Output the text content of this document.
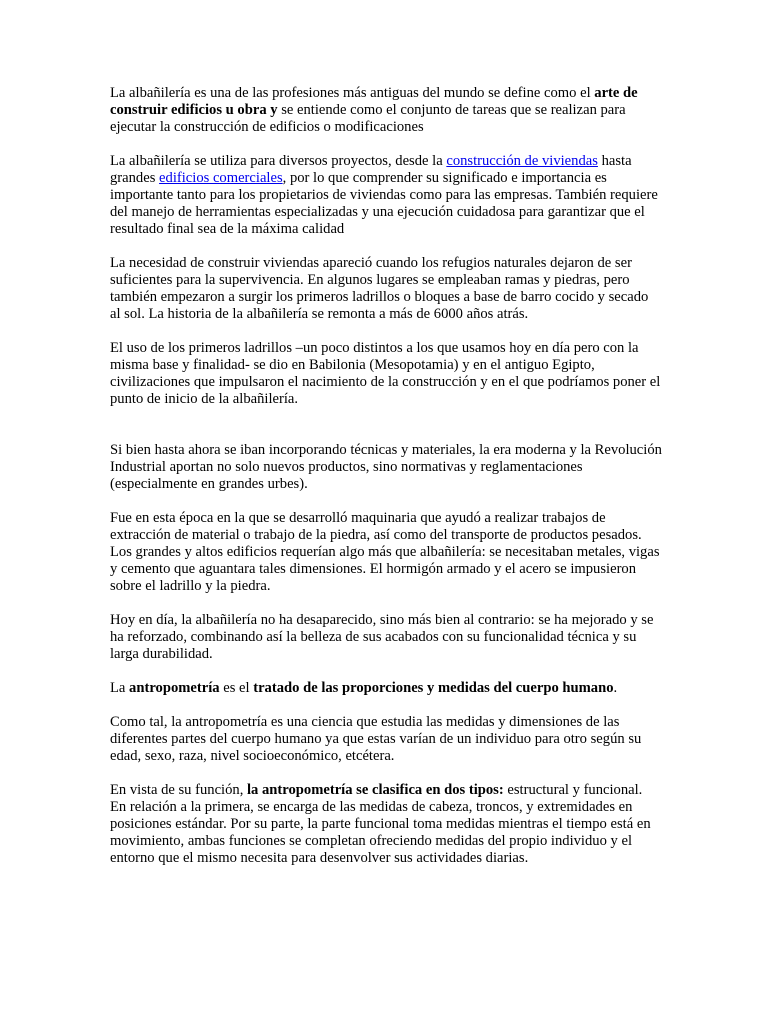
La albañilería es una de las profesiones más antiguas del mundo se define como el arte de construir edificios u obra y se entiende como el conjunto de tareas que se realizan para ejecutar la construcción de edificios o modificaciones

La albañilería se utiliza para diversos proyectos, desde la construcción de viviendas hasta grandes edificios comerciales, por lo que comprender su significado e importancia es importante tanto para los propietarios de viviendas como para las empresas. También requiere del manejo de herramientas especializadas y una ejecución cuidadosa para garantizar que el resultado final sea de la máxima calidad

La necesidad de construir viviendas apareció cuando los refugios naturales dejaron de ser suficientes para la supervivencia. En algunos lugares se empleaban ramas y piedras, pero también empezaron a surgir los primeros ladrillos o bloques a base de barro cocido y secado al sol. La historia de la albañilería se remonta a más de 6000 años atrás.

El uso de los primeros ladrillos –un poco distintos a los que usamos hoy en día pero con la misma base y finalidad- se dio en Babilonia (Mesopotamia) y en el antiguo Egipto, civilizaciones que impulsaron el nacimiento de la construcción y en el que podríamos poner el punto de inicio de la albañilería.

Si bien hasta ahora se iban incorporando técnicas y materiales, la era moderna y la Revolución Industrial aportan no solo nuevos productos, sino normativas y reglamentaciones (especialmente en grandes urbes).

Fue en esta época en la que se desarrolló maquinaria que ayudó a realizar trabajos de extracción de material o trabajo de la piedra, así como del transporte de productos pesados. Los grandes y altos edificios requerían algo más que albañilería: se necesitaban metales, vigas y cemento que aguantara tales dimensiones. El hormigón armado y el acero se impusieron sobre el ladrillo y la piedra.

Hoy en día, la albañilería no ha desaparecido, sino más bien al contrario: se ha mejorado y se ha reforzado, combinando así la belleza de sus acabados con su funcionalidad técnica y su larga durabilidad.

La antropometría es el tratado de las proporciones y medidas del cuerpo humano.

Como tal, la antropometría es una ciencia que estudia las medidas y dimensiones de las diferentes partes del cuerpo humano ya que estas varían de un individuo para otro según su edad, sexo, raza, nivel socioeconómico, etcétera.

En vista de su función, la antropometría se clasifica en dos tipos: estructural y funcional. En relación a la primera, se encarga de las medidas de cabeza, troncos, y extremidades en posiciones estándar. Por su parte, la parte funcional toma medidas mientras el tiempo está en movimiento, ambas funciones se completan ofreciendo medidas del propio individuo y el entorno que el mismo necesita para desenvolver sus actividades diarias.
